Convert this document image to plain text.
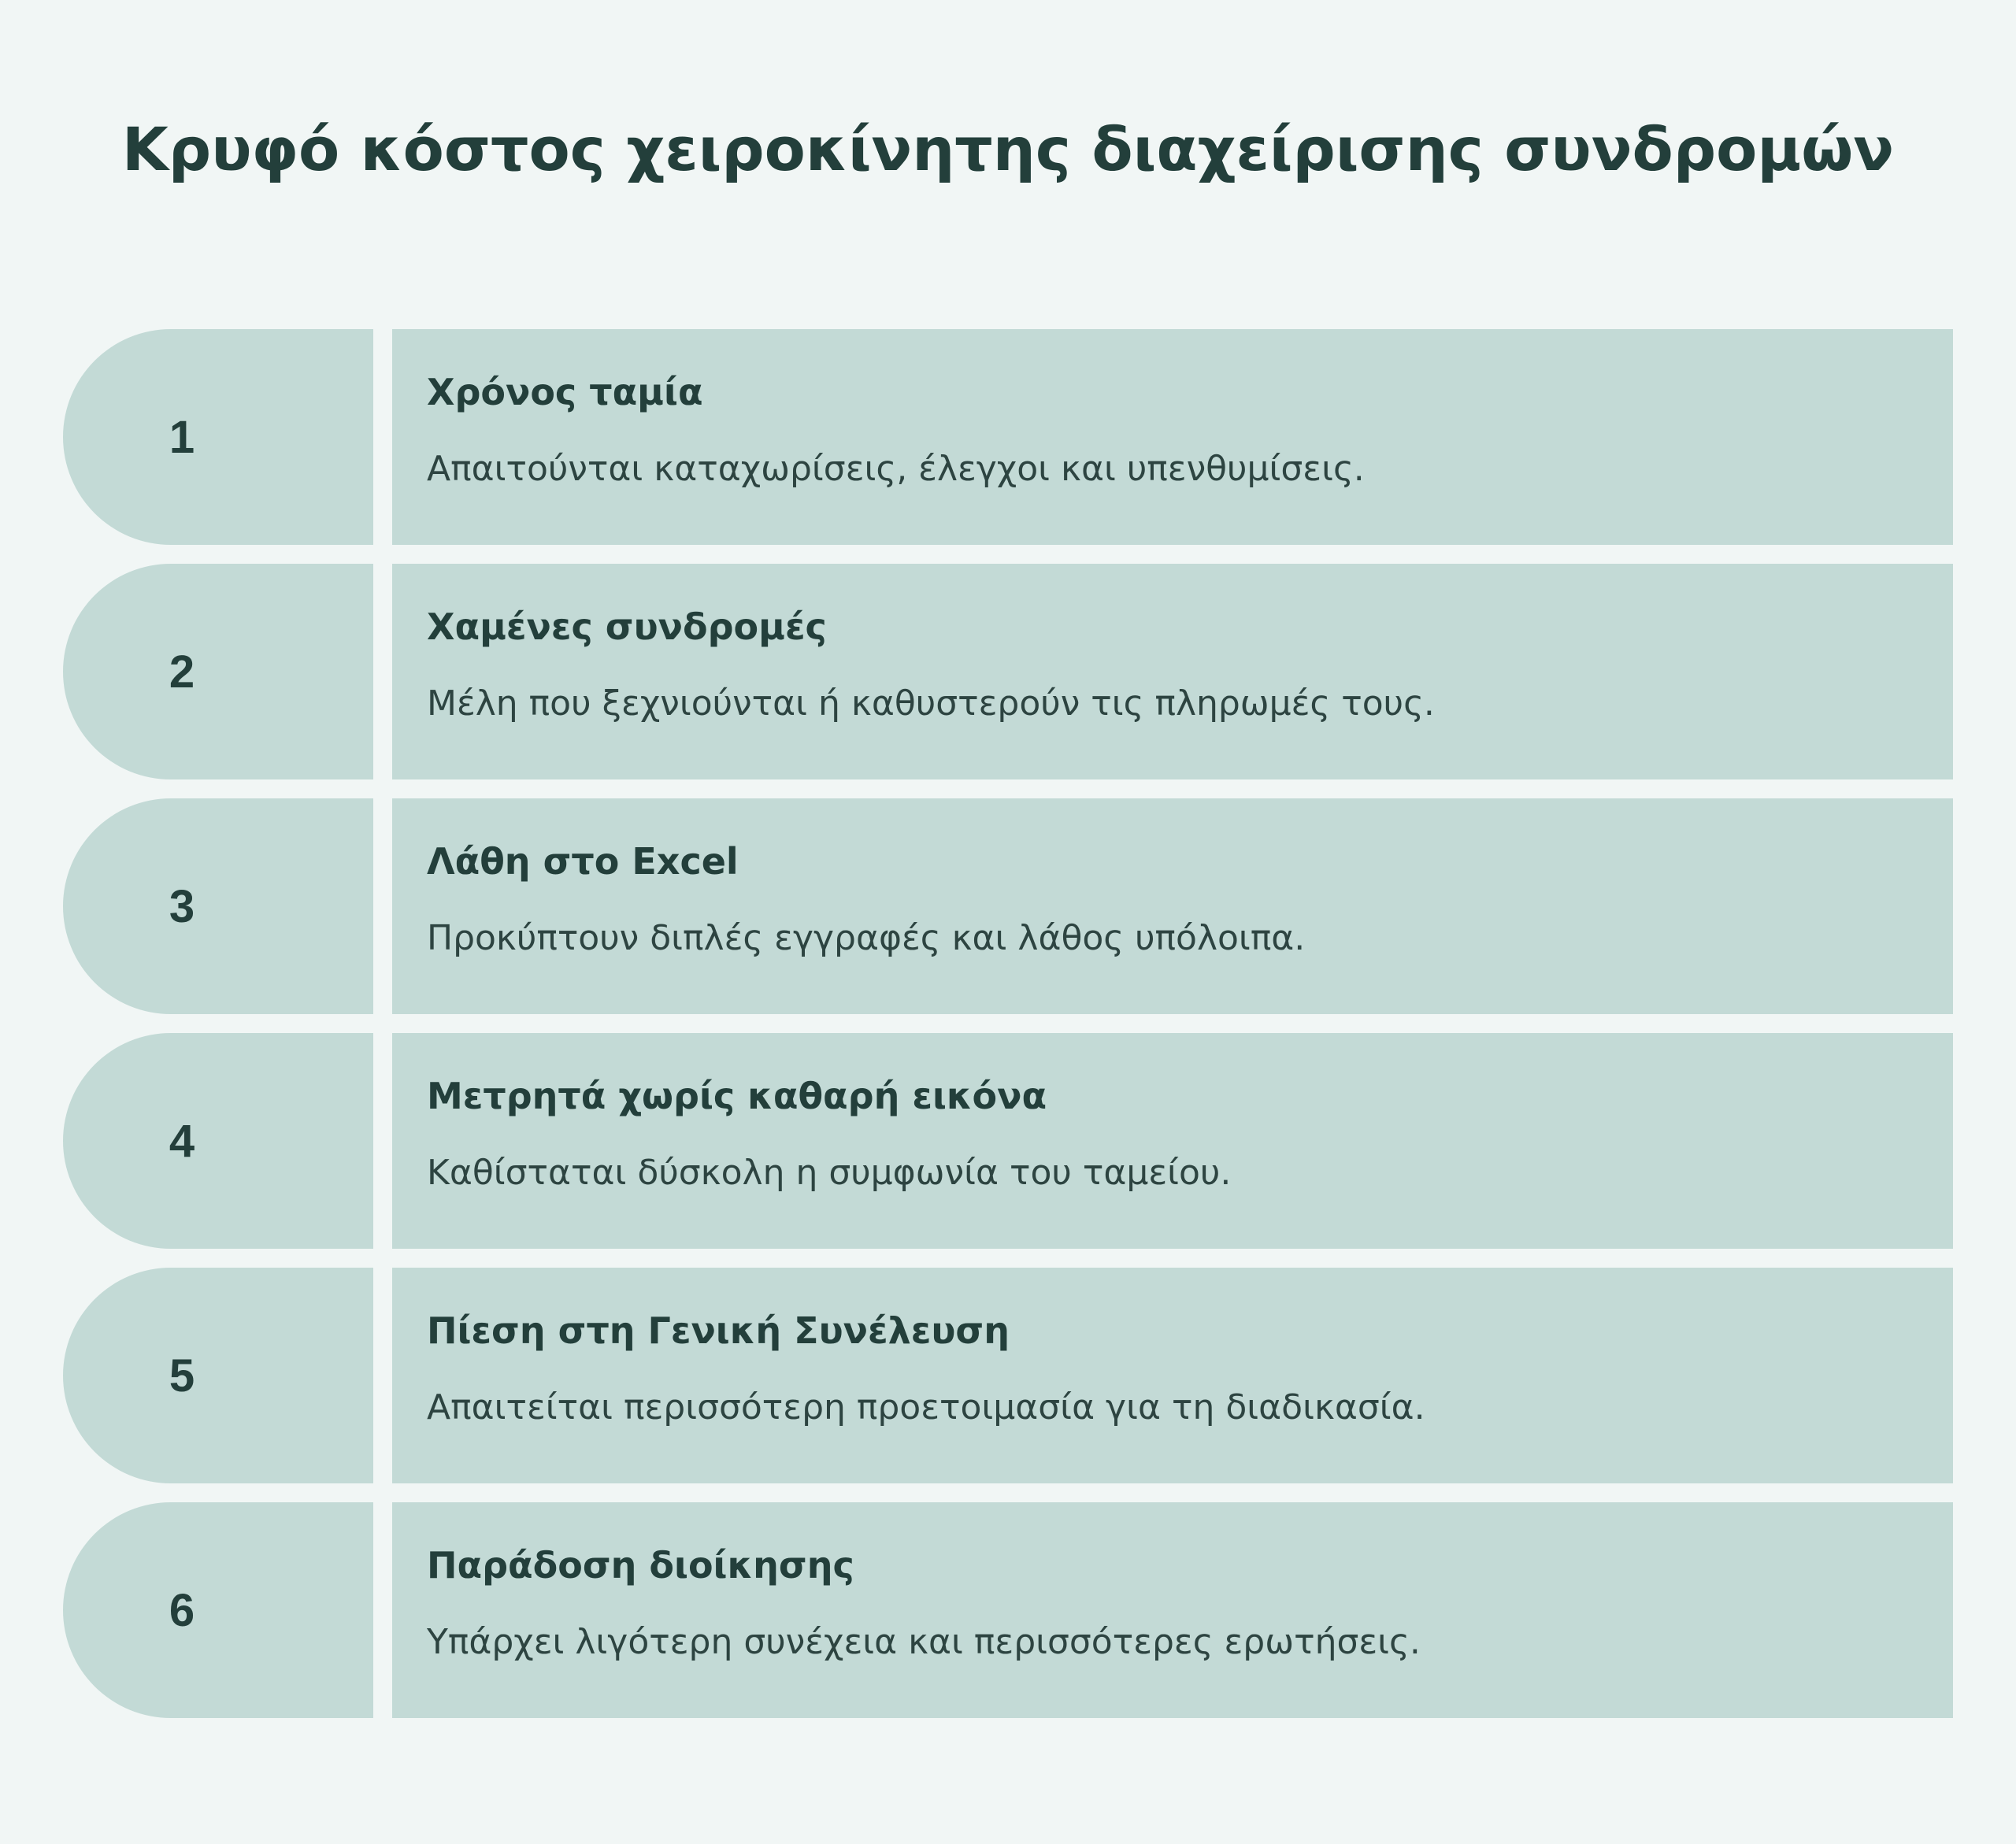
Κρυφό κόστος χειροκίνητης διαχείρισης συνδρομών
1
Χρόνος ταμία
Απαιτούνται καταχωρίσεις, έλεγχοι και υπενθυμίσεις.
2
Χαμένες συνδρομές
Μέλη που ξεχνιούνται ή καθυστερούν τις πληρωμές τους.
3
Λάθη στο Excel
Προκύπτουν διπλές εγγραφές και λάθος υπόλοιπα.
4
Μετρητά χωρίς καθαρή εικόνα
Καθίσταται δύσκολη η συμφωνία του ταμείου.
5
Πίεση στη Γενική Συνέλευση
Απαιτείται περισσότερη προετοιμασία για τη διαδικασία.
6
Παράδοση διοίκησης
Υπάρχει λιγότερη συνέχεια και περισσότερες ερωτήσεις.
